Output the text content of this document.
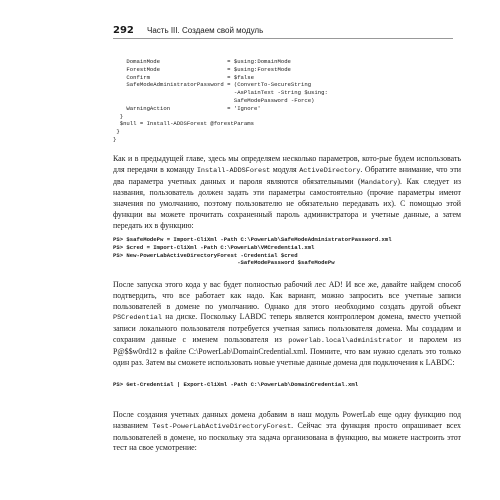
292 Часть III. Создаем свой модуль
DomainMode                    = $using:DomainMode
ForestMode                    = $using:ForestMode
Confirm                       = $false
SafeModeAdministratorPassword = (ConvertTo-SecureString
-AsPlainText -String $using:
SafeModePassword -Force)
WarningAction                 = 'Ignore'
}
$null = Install-ADDSForest @forestParams
}
}
Как и в предыдущей главе, здесь мы определяем несколько параметров, кото-рые будем использовать для передачи в команду Install-ADDSForest модуля ActiveDirectory. Обратите внимание, что эти два параметра учетных данных и пароля являются обязательными (Mandatory). Как следует из названия, пользователь должен задать эти параметры самостоятельно (прочие параметры имеют значения по умолчанию, поэтому пользователю не обязательно передавать их). С помощью этой функции вы можете прочитать сохраненный пароль администратора и учетные данные, а затем передать их в функцию:
PS> $safeModePw = Import-CliXml -Path C:\PowerLab\SafeModeAdministratorPassword.xml
PS> $cred = Import-CliXml -Path C:\PowerLab\VMCredential.xml
PS> New-PowerLabActiveDirectoryForest -Credential $cred
-SafeModePassword $safeModePw
После запуска этого кода у вас будет полностью рабочий лес AD! И все же, давайте найдем способ подтвердить, что все работает как надо. Как вариант, можно запросить все учетные записи пользователей в домене по умолчанию. Однако для этого необходимо создать другой объект PSCredential на диске. Поскольку LABDC теперь является контроллером домена, вместо учетной записи локального пользователя потребуется учетная запись пользователя домена. Мы создадим и сохраним данные с именем пользователя из powerlab.local\administrator и паролем из P@$$w0rd12 в файле C:\PowerLab\DomainCredential.xml. Помните, что вам нужно сделать это только один раз. Затем вы сможете использовать новые учетные данные домена для подключения к LABDC:
PS> Get-Credential | Export-CliXml -Path C:\PowerLab\DomainCredential.xml
После создания учетных данных домена добавим в наш модуль PowerLab еще одну функцию под названием Test-PowerLabActiveDirectoryForest. Сейчас эта функция просто опрашивает всех пользователей в домене, но поскольку эта задача организована в функцию, вы можете настроить этот тест на свое усмотрение:
